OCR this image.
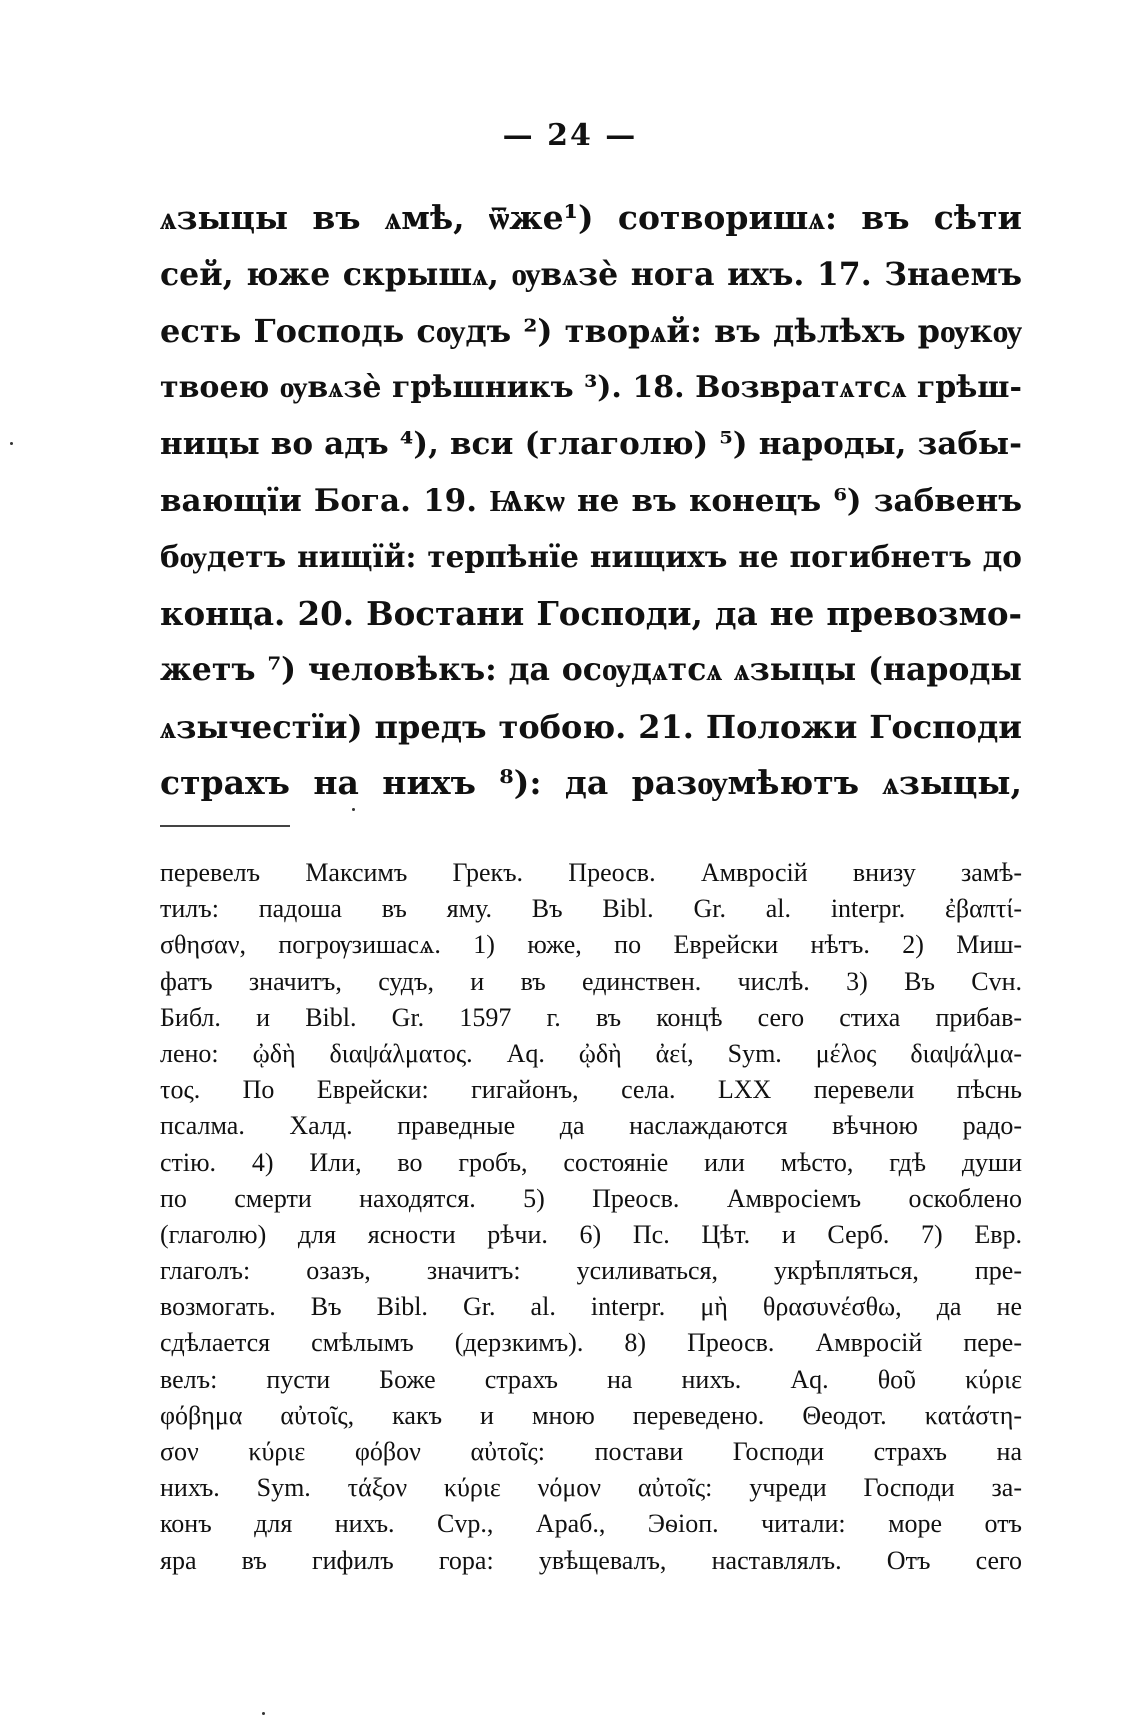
— 24 —
ѧзыцы въ ѧмѣ, ѿже¹) сотворишѧ: въ сѣти
сей, юже скрышѧ, ѹвѧзѐ нога ихъ. 17. Знаемъ
есть Господь сѹдъ ²) творѧй: въ дѣлѣхъ рѹкѹ
твоею ѹвѧзѐ грѣшникъ ³). 18. Возвратѧтсѧ грѣш-
ницы во адъ ⁴), вси (глаголю) ⁵) народы, забы-
вающїи Бога. 19. Ѩкѡ не въ конецъ ⁶) забвенъ
бѹдетъ нищїй: терпѣнїе нищихъ не погибнетъ до
конца. 20. Востани Господи, да не превозмо-
жетъ ⁷) человѣкъ: да осѹдѧтсѧ ѧзыцы (народы
ѧзычестїи) предъ тобою. 21. Положи Господи
страхъ на нихъ ⁸): да разѹмѣютъ ѧзыцы,
перевелъ Максимъ Грекъ. Преосв. Амвросій внизу замѣ-
тилъ: падоша въ яму. Въ Bibl. Gr. al. interpr. ἐβαπτί-
σθησαν, погрѹзишасѧ. 1) юже, по Еврейски нѣтъ. 2) Миш-
фатъ значитъ, судъ, и въ единствен. числѣ. 3) Въ Сvн.
Библ. и Bibl. Gr. 1597 г. въ концѣ сего стиха прибав-
лено: ᾠδὴ διαψάλματος. Aq. ᾠδὴ ἀεί, Sym. μέλος διαψάλμα-
τος. По Еврейски: гигайонъ, села. LXX перевели пѣснь
псалма. Халд. праведные да наслаждаются вѣчною радо-
стію. 4) Или, во гробъ, состояніе или мѣсто, гдѣ души
по смерти находятся. 5) Преосв. Амвросіемъ оскоблено
(глаголю) для ясности рѣчи. 6) Пс. Цѣт. и Серб. 7) Евр.
глаголъ: озазъ, значитъ: усиливаться, укрѣпляться, пре-
возмогать. Въ Bibl. Gr. al. interpr. μὴ θρασυνέσθω, да не
сдѣлается смѣлымъ (дерзкимъ). 8) Преосв. Амвросій пере-
велъ: пусти Боже страхъ на нихъ. Aq. θοῦ κύριε
φόβημα αὐτοῖς, какъ и мною переведено. Θеодот. κατάστη-
σον κύριε φόβον αὐτοῖς: постави Господи страхъ на
нихъ. Sym. τάξον κύριε νόμον αὐτοῖς: учреди Господи за-
конъ для нихъ. Сvр., Араб., Эѳіоп. читали: море отъ
яра въ гифилъ гора: увѣщевалъ, наставлялъ. Отъ сего
